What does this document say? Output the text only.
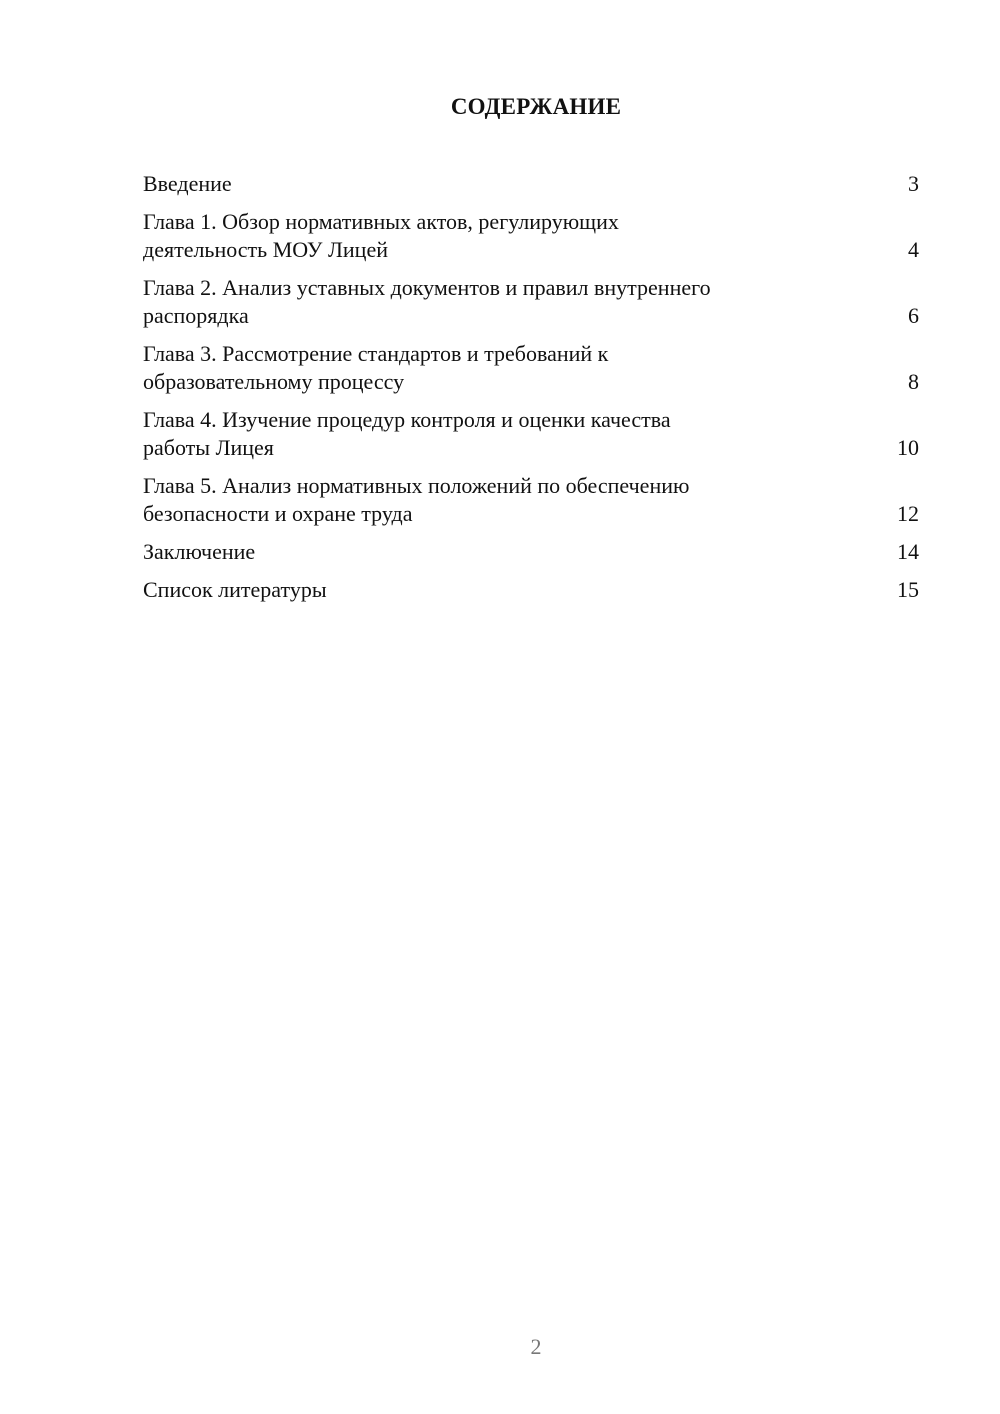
СОДЕРЖАНИЕ
Введение	3
Глава 1. Обзор нормативных актов, регулирующих
деятельность МОУ Лицей	4
Глава 2. Анализ уставных документов и правил внутреннего
распорядка	6
Глава 3. Рассмотрение стандартов и требований к
образовательному процессу	8
Глава 4. Изучение процедур контроля и оценки качества
работы Лицея	10
Глава 5. Анализ нормативных положений по обеспечению
безопасности и охране труда	12
Заключение	14
Список литературы	15
2
